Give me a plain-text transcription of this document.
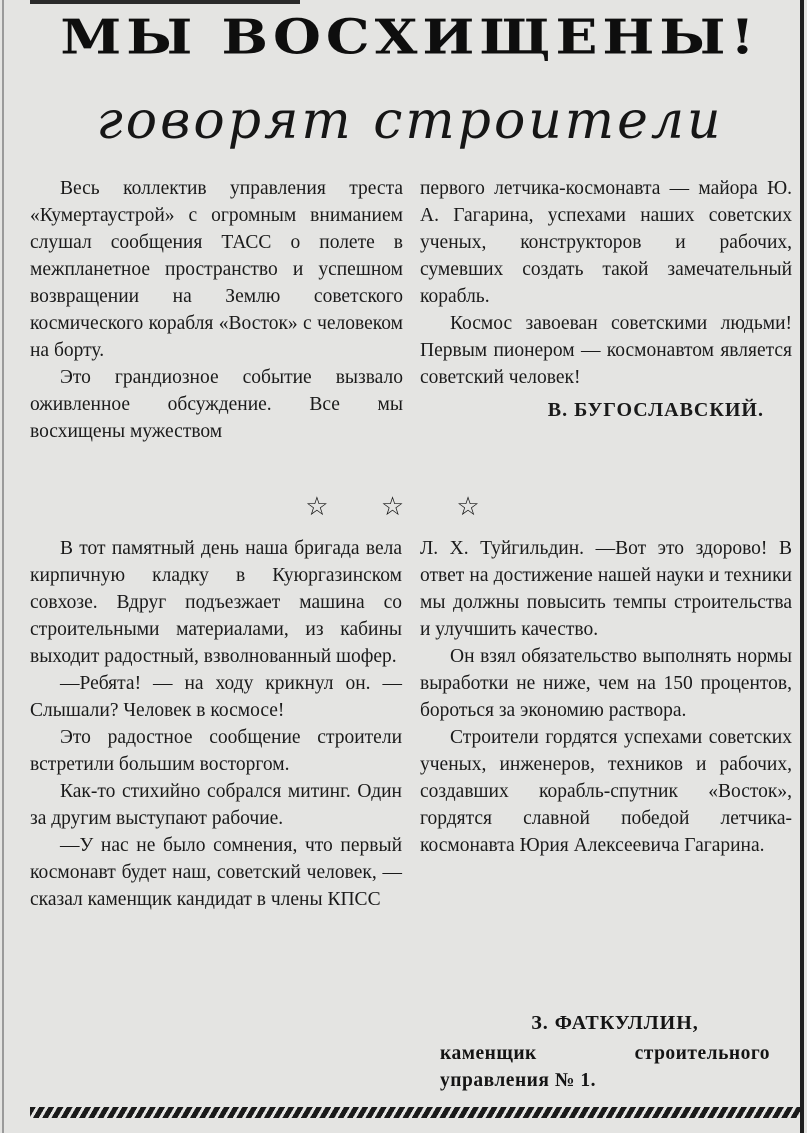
МЫ ВОСХИЩЕНЫ!
говорят строители

Весь коллектив управления треста «Кумертаустрой» с огромным вниманием слушал сообщения ТАСС о полете в межпланетное пространство и успешном возвращении на Землю советского космического корабля «Восток» с человеком на борту.

Это грандиозное событие вызвало оживленное обсуждение. Все мы восхищены мужеством

первого летчика-космонавта — майора Ю. А. Гагарина, успехами наших советских ученых, конструкторов и рабочих, сумевших создать такой замечательный корабль.

Космос завоеван советскими людьми! Первым пионером — космонавтом является советский человек!

В. БУГОСЛАВСКИЙ.
☆ ☆ ☆

В тот памятный день наша бригада вела кирпичную кладку в Куюргазинском совхозе. Вдруг подъезжает машина со строительными материалами, из кабины выходит радостный, взволнованный шофер.

—Ребята! — на ходу крикнул он. —Слышали? Человек в космосе!

Это радостное сообщение строители встретили большим восторгом.

Как-то стихийно собрался митинг. Один за другим выступают рабочие.

—У нас не было сомнения, что первый космонавт будет наш, советский человек, — сказал каменщик кандидат в члены КПСС

Л. Х. Туйгильдин. —Вот это здорово! В ответ на достижение нашей науки и техники мы должны повысить темпы строительства и улучшить качество.

Он взял обязательство выполнять нормы выработки не ниже, чем на 150 процентов, бороться за экономию раствора.

Строители гордятся успехами советских ученых, инженеров, техников и рабочих, создавших корабль-спутник «Восток», гордятся славной победой летчика-космонавта Юрия Алексеевича Гагарина.

З. ФАТКУЛЛИН,
каменщик строительного управления № 1.
